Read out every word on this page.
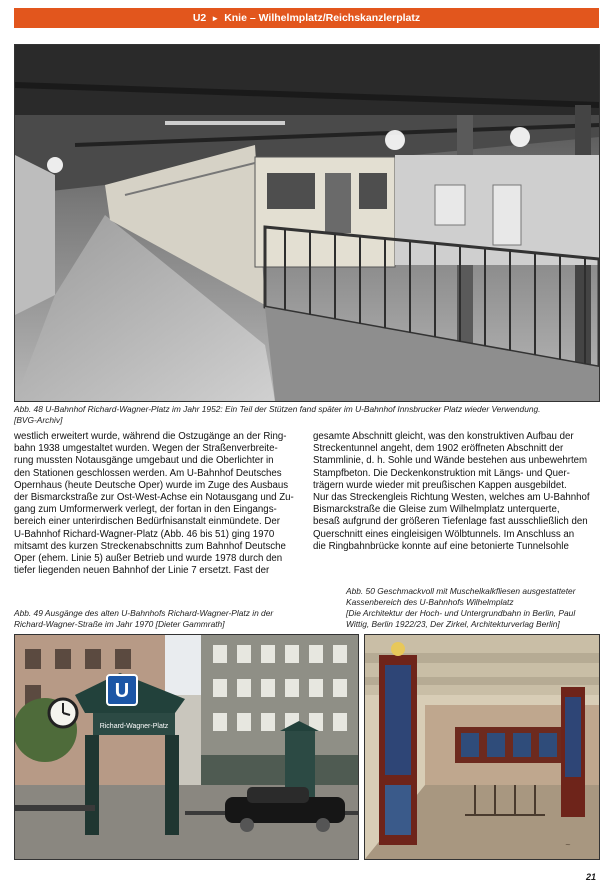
U2 ► Knie – Wilhelmplatz/Reichskanzlerplatz
Abb. 48 U-Bahnhof Richard-Wagner-Platz im Jahr 1952: Ein Teil der Stützen fand später im U-Bahnhof Innsbrucker Platz wieder Verwendung.
[BVG-Archiv]
westlich erweitert wurde, während die Ostzugänge an der Ring-
bahn 1938 umgestaltet wurden. Wegen der Straßenverbreite-
rung mussten Notausgänge umgebaut und die Oberlichter in
den Stationen geschlossen werden. Am U-Bahnhof Deutsches
Opernhaus (heute Deutsche Oper) wurde im Zuge des Ausbaus
der Bismarckstraße zur Ost-West-Achse ein Notausgang und Zu-
gang zum Umformerwerk verlegt, der fortan in den Eingangs-
bereich einer unterirdischen Bedürfnisanstalt einmündete. Der
U-Bahnhof Richard-Wagner-Platz (Abb. 46 bis 51) ging 1970
mitsamt des kurzen Streckenabschnitts zum Bahnhof Deutsche
Oper (ehem. Linie 5) außer Betrieb und wurde 1978 durch den
tiefer liegenden neuen Bahnhof der Linie 7 ersetzt. Fast der
gesamte Abschnitt gleicht, was den konstruktiven Aufbau der
Streckentunnel angeht, dem 1902 eröffneten Abschnitt der
Stammlinie, d. h. Sohle und Wände bestehen aus unbewehrtem
Stampfbeton. Die Deckenkonstruktion mit Längs- und Quer-
trägern wurde wieder mit preußischen Kappen ausgebildet.
Nur das Streckengleis Richtung Westen, welches am U-Bahnhof
Bismarckstraße die Gleise zum Wilhelmplatz unterquerte,
besaß aufgrund der größeren Tiefenlage fast ausschließlich den
Querschnitt eines eingleisigen Wölbtunnels. Im Anschluss an
die Ringbahnbrücke konnte auf eine betonierte Tunnelsohle
Abb. 49 Ausgänge des alten U-Bahnhofs Richard-Wagner-Platz in der
Richard-Wagner-Straße im Jahr 1970 [Dieter Gammrath]
Abb. 50 Geschmackvoll mit Muschelkalkfliesen ausgestatteter
Kassenbereich des U-Bahnhofs Wilhelmplatz
[Die Architektur der Hoch- und Untergrundbahn in Berlin, Paul
Wittig, Berlin 1922/23, Der Zirkel, Architekturverlag Berlin]
U
Richard-Wagner-Platz
~
21
